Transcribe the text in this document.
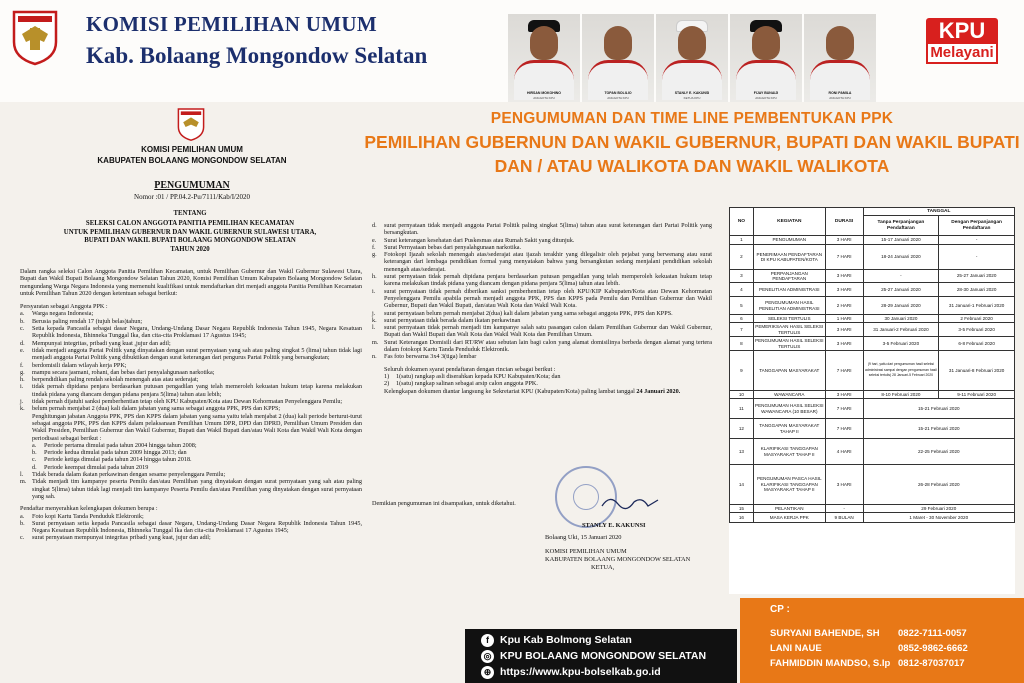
KOMISI PEMILIHAN UMUM
Kab. Bolaang Mongondow Selatan
HIRSAN MOKOHINO
ANGGOTA KPU
TOPAN BOLILIO
ANGGOTA KPU
STANLY E. KAKUNSI
KETUA KPU
FIJAY BUNAIJI
ANGGOTA KPU
RONI PAMILA
ANGGOTA KPU
KPU
Melayani
KOMISI PEMILIHAN UMUM
KABUPATEN BOLAANG MONGONDOW SELATAN
PENGUMUMAN
Nomor :01 / PP.04.2-Pu/7111/Kab/I/2020
TENTANG
SELEKSI CALON ANGGOTA PANITIA PEMILIHAN KECAMATAN
UNTUK PEMILIHAN GUBERNUR DAN WAKIL GUBERNUR SULAWESI UTARA,
BUPATI DAN WAKIL BUPATI BOLAANG MONGONDOW SELATAN
TAHUN 2020
Dalam rangka seleksi Calon Anggota Panitia Pemilihan Kecamatan, untuk Pemilihan Gubernur dan Wakil Gubernur Sulawesi Utara, Bupati dan Wakil Bupati Bolaang Mongondow Selatan Tahun 2020, Komisi Pemilihan Umum Kabupaten Bolaang Mongondow Selatan mengundang Warga Negara Indonesia yang memenuhi kualifikasi untuk mendaftarkan diri menjadi anggota Panitia Pemilihan Kecamatan untuk Pemilihan Tahun 2020 dengan ketentuan sebagai berikut:
Persyaratan sebagai Anggota PPK :
a.	Warga negara Indonesia;
b.	Berusia paling rendah 17 (tujuh belas)tahun;
c.	Setia kepada Pancasila sebagai dasar Negara, Undang-Undang Dasar Negara Republik Indonesia Tahun 1945, Negara Kesatuan Republik Indonesia, Bhinneka Tunggal Ika, dan cita-cita Proklamasi 17 Agustus 1945;
d.	Mempunyai integritas, pribadi yang kuat ,jujur dan adil;
e.	tidak menjadi anggota Partai Politik yang dinyatakan dengan surat pernyataan yang sah atau paling singkat 5 (lima) tahun tidak lagi menjadi anggota Partai Politik yang dibuktikan dengan surat keterangan dari pengurus Partai Politik yang bersangkutan;
f.	berdomisili dalam wilayah kerja PPK;
g.	mampu secara jasmani, rohani, dan bebas dari penyalahgunaan narkotika;
h.	berpendidikan paling rendah sekolah menengah atas atau sederajat;
i.	tidak pernah dipidana penjara berdasarkan putusan pengadilan yang telah memeroleh kekuatan hukum tetap karena melakukan tindak pidana yang diancam dengan pidana penjara 5(lima) tahun atau lebih;
j.	tidak pernah dijatuhi sanksi pemberhentian tetap oleh KPU Kabupaten/Kota atau Dewan Kehormatan Penyelenggara Pemilu;
k.	belum pernah menjabat 2 (dua) kali dalam jabatan yang sama sebagai anggota PPK, PPS dan KPPS;
Penghitungan jabatan Anggota PPK, PPS dan KPPS dalam jabatan yang sama yaitu telah menjabat 2 (dua) kali periode berturut-turut sebagai anggota PPK, PPS dan KPPS dalam pelaksanaan Pemilihan Umum DPR, DPD dan DPRD, Pemilihan Umum Presiden dan Wakil Presiden, Pemilihan Gubernur dan Wakil Gubernur, Bupati dan Wakil Bupati dan/atau Wali Kota dan Wakil Wali Kota dengan periodisasi sebagai berikut :
a.	Periode pertama dimulai pada tahun 2004 hingga tahun 2008;
b.	Periode kedua dimulai pada tahun 2009 hingga 2013; dan
c.	Periode ketiga dimulai pada tahun 2014 hingga tahun 2018.
d.	Periode keempat dimulai pada tahun 2019
l.	Tidak berada dalam ikatan perkawinan dengan sesame penyelenggara Pemilu;
m. Tidak menjadi tim kampanye peserta Pemilu dan/atau Pemilihan yang dinyatakan dengan surat pernyataan yang sah atau paling singkat 5(lima) tahun tidak lagi menjadi tim kampanye Peserta Pemilu dan/atau Pemilihan yang dinyatakan dengan surat pernyataan yang sah.
Pendaftar menyerahkan kelengkapan dokumen berupa :
a.	Foto kopi Kartu Tanda Penduduk Elektronik;
b.	Surat pernyataan setia kepada Pancasila sebagai dasar Negara, Undang-Undang Dasar Negara Republik Indonesia Tahun 1945, Negara Kesatuan Republik Indonesia, Bhinneka Tunggal Ika dan cita-cita Proklamasi 17 Agustus 1945;
c.	surat pernyataan mempunyai integritas pribadi yang kuat, jujur dan adil;
d.	surat pernyataan tidak menjadi anggota Partai Politik paling singkat 5(lima) tahun atau surat keterangan dari Partai Politik yang bersangkutan.
e.	Surat keterangan kesehatan dari Puskesmas atau Rumah Sakit yang ditunjuk.
f.	Surat Pernyataan bebas dari penyalahgunaan narkotika.
g.	Fotokopi Ijazah sekolah menengah atas/sederajat atau ijazah terakhir yang dilegalisir oleh pejabat yang berwenang atau surat keterangan dari lembaga pendidikan formal yang menyatakan bahwa yang bersangkutan sedang menjalani pendidikan sekolah menengah atas/sederajat.
h.	surat pernyataan tidak pernah dipidana penjara berdasarkan putusan pengadilan yang telah memperoleh kekuatan hukum tetap karena melakukan tindak pidana yang diancam dengan pidana penjara 5(lima) tahun atau lebih.
i.	surat pernyataan tidak pernah diberikan sanksi pemberhentian tetap oleh KPU/KIP Kabupaten/Kota atau Dewan Kehormatan Penyelenggara Pemilu apabila pernah menjadi anggota PPK, PPS dan KPPS pada Pemilu dan Pemilihan Gubernur dan Wakil Gubernur, Bupati dan Wakil Bupati, dan/atau Wali Kota dan Wakil Wali Kota.
j.	surat pernyataan belum pernah menjabat 2(dua) kali dalam jabatan yang sama sebagai anggota PPK, PPS dan KPPS.
k.	surat pernyataan tidak berada dalam ikatan perkawinan
l.	surat pernyataan tidak pernah menjadi tim kampanye salah satu pasangan calon dalam Pemilihan Gubernur dan Wakil Gubernur, Bupati dan Wakil Bupati dan Wali Kota dan Wakil Wali Kota dan Pemilihan Umum.
m. Surat Keterangan Domisili dari RT/RW atau sebutan lain bagi calon yang alamat domisilinya berbeda dengan alamat yang tertera dalam fotokopi Kartu Tanda Penduduk Elektronik.
n.	Fas foto berwarna 3x4 3(tiga) lembar
Seluruh dokumen syarat pendaftaran dengan rincian sebagai berikut :
1)	1(satu) rangkap asli diserahkan kepada KPU Kabupaten/Kota; dan
2)	1(satu) rangkap salinan sebagai arsip calon anggota PPK.
Kelengkapan dokumen diantar langsung ke Sekretariat KPU (Kabupaten/Kota) paling lambat tanggal 24 Januari 2020.
Demikian pengumuman ini disampaikan, untuk diketahui.
Bolaang Uki, 15 Januari 2020
KOMISI PEMILIHAN UMUM
KABUPATEN BOLAANG MONGONDOW SELATAN
KETUA,
STANLY E. KAKUNSI
f	Kpu Kab Bolmong Selatan
◎ KPU BOLAANG MONGONDOW SELATAN
⊕ https://www.kpu-bolselkab.go.id
PENGUMUMAN DAN TIME LINE PEMBENTUKAN PPK
PEMILIHAN GUBERNUN DAN WAKIL GUBERNUR, BUPATI DAN WAKIL BUPATI
DAN / ATAU WALIKOTA DAN WAKIL WALIKOTA
NO	KEGIATAN	DURASI	TANGGAL	
			Tanpa Perpanjangan Pendaftaran	Dengan Perpanjangan Pendaftaran
1	PENGUMUMAN	3 HARI	15-17 Januari 2020	-
2	PENERIMAAN PENDAFTARAN DI KPU KABUPATEN/KOTA	7 HARI	18-24 Januari 2020	-
3	PERPANJANGAN PENDAFTARAN	3 HARI	-	25-27 Januari 2020
4	PENELITIAN ADMINISTRASI	3 HARI	25-27 Januari 2020	28-30 Januari 2020
5	PENGUMUMAN HASIL PENELITIAN ADMINISTRASI	2 HARI	28-29 Januari 2020	31 Januari-1 Februari 2020
6	SELEKSI TERTULIS	1 HARI	30 Januari 2020	2 Februari 2020
7	PEMERIKSAAN HASIL SELEKSI TERTULIS	3 HARI	31 Januari-2 Februari 2020	3-5 Februari 2020
8	PENGUMUMAN HASIL SELEKSI TERTULIS	3 HARI	3-5 Februari 2020	6-8 Februari 2020
9	TANGGAPAN MASYARAKAT	7 HARI	(9 hari, yaitu dari pengumuman hasil seleksi administrasi sampai dengan pengumuman hasil seleksi tertulis) 28 Januari-5 Februari 2020	31 Januari-8 Februari 2020
10	WAWANCARA	3 HARI	8-10 Februari 2020	9-11 Februari 2020
11	PENGUMUMAN HASIL SELEKSI WAWANCARA (10 BESAR)	7 HARI	15-21 Februari 2020	
12	TANGGAPAN MASYARAKAT TAHAP II	7 HARI	15-21 Februari 2020	
13	KLARIFIKASI TANGGAPAN MASYARAKAT TAHAP II	4 HARI	22-25 Februari 2020	
14	PENGUMUMAN PASCA HASIL KLARIFIKASI TANGGAPAN MASYARAKAT TAHAP II	3 HARI	26-28 Februari 2020	
15	PELANTIKAN	-	29 Februari 2020	
16	MASA KERJA PPK	9 BULAN	1 Maret - 30 November 2020	
CP :
SURYANI BAHENDE, SH	0822-7111-0057
LANI NAUE	0852-9862-6662
FAHMIDDIN MANDSO, S.Ip 0812-87037017
